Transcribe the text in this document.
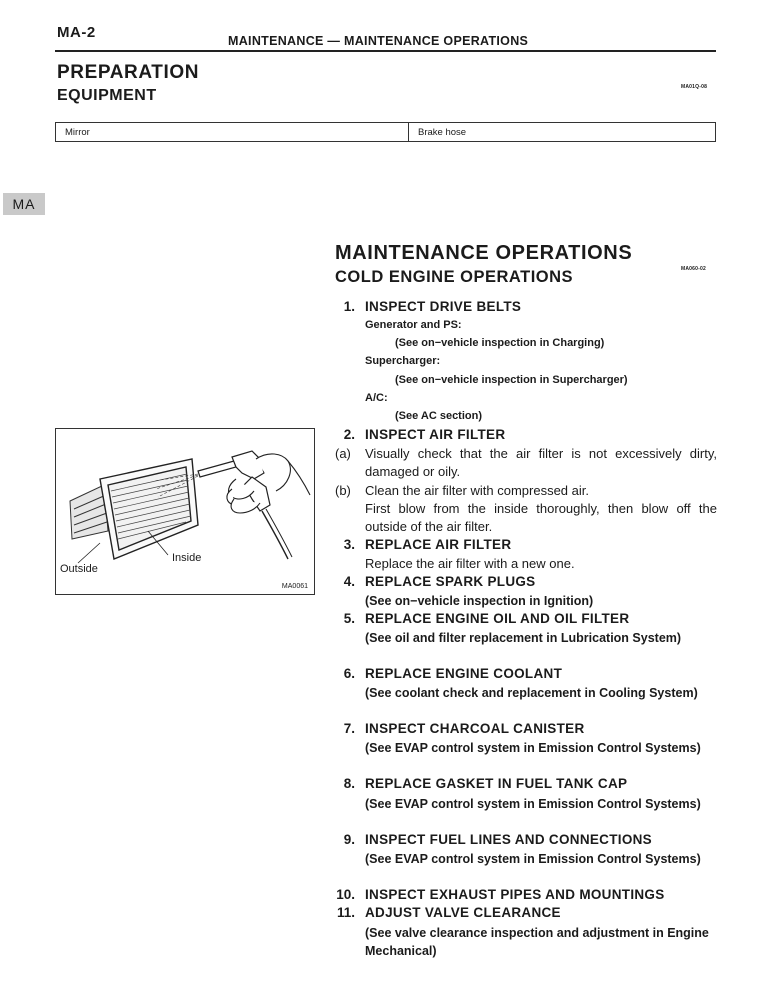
MA-2	MAINTENANCE — MAINTENANCE OPERATIONS
PREPARATION
EQUIPMENT	MA01Q-08
Mirror	Brake hose
MA
Outside
Inside
MA0061
MAINTENANCE OPERATIONS
COLD ENGINE OPERATIONS	MA060-02
1. INSPECT DRIVE BELTS
Generator and PS:
(See on−vehicle inspection in Charging)
Supercharger:
(See on−vehicle inspection in Supercharger)
A/C:
(See AC section)
2. INSPECT AIR FILTER
(a) Visually check that the air filter is not excessively dirty, damaged or oily.
(b) Clean the air filter with compressed air.
First blow from the inside thoroughly, then blow off the outside of the air filter.
3. REPLACE AIR FILTER
Replace the air filter with a new one.
4. REPLACE SPARK PLUGS
(See on−vehicle inspection in Ignition)
5. REPLACE ENGINE OIL AND OIL FILTER
(See oil and filter replacement in Lubrication System)
6. REPLACE ENGINE COOLANT
(See coolant check and replacement in Cooling System)
7. INSPECT CHARCOAL CANISTER
(See EVAP control system in Emission Control Systems)
8. REPLACE GASKET IN FUEL TANK CAP
(See EVAP control system in Emission Control Systems)
9. INSPECT FUEL LINES AND CONNECTIONS
(See EVAP control system in Emission Control Systems)
10. INSPECT EXHAUST PIPES AND MOUNTINGS
11. ADJUST VALVE CLEARANCE
(See valve clearance inspection and adjustment in Engine Mechanical)
